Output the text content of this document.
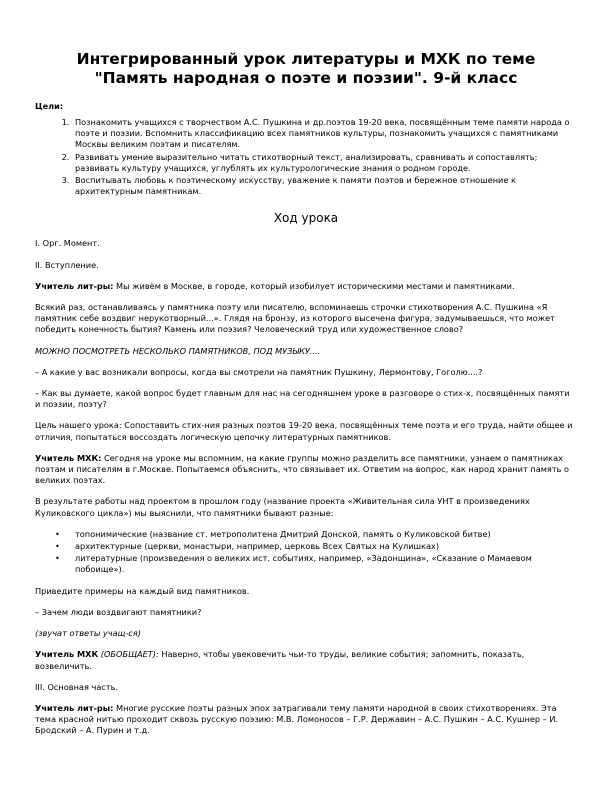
Интегрированный урок литературы и МХК по теме
"Память народная о поэте и поэзии". 9-й класс
Цели:
1. Познакомить учащихся с творчеством А.С. Пушкина и др.поэтов 19-20 века, посвящённым теме памяти народа о поэте и поэзии. Вспомнить классификацию всех памятников культуры, познакомить учащихся с памятниками Москвы великим поэтам и писателям.
2. Развивать умение выразительно читать стихотворный текст, анализировать, сравнивать и сопоставлять; развивать культуру учащихся, углублять их культурологические знания о родном городе.
3. Воспитывать любовь к поэтическому искусству, уважение к памяти поэтов и бережное отношение к архитектурным памятникам.
Ход урока

I. Орг. Момент.

II. Вступление.

Учитель лит-ры: Мы живём в Москве, в городе, который изобилует историческими местами и памятниками.

Всякий раз, останавливаясь у памятника поэту или писателю, вспоминаешь строчки стихотворения А.С. Пушкина «Я памятник себе воздвиг нерукотворный...». Глядя на бронзу, из которого высечена фигура, задумываешься, что может победить конечность бытия? Камень или поэзия? Человеческий труд или художественное слово?

МОЖНО ПОСМОТРЕТЬ НЕСКОЛЬКО ПАМЯТНИКОВ, ПОД МУЗЫКУ....

– А какие у вас возникали вопросы, когда вы смотрели на памятник Пушкину, Лермонтову, Гоголю....?

– Как вы думаете, какой вопрос будет главным для нас на сегодняшнем уроке в разговоре о стих-х, посвящённых памяти и поэзии, поэту?

Цель нашего урока: Сопоставить стих-ния разных поэтов 19-20 века, посвящённых теме поэта и его труда, найти общее и отличия, попытаться воссоздать логическую цепочку литературных памятников.

Учитель МХК: Сегодня на уроке мы вспомним, на какие группы можно разделить все памятники, узнаем о памятниках поэтам и писателям в г.Москве. Попытаемся объяснить, что связывает их. Ответим на вопрос, как народ хранит память о великих поэтах.

В результате работы над проектом в прошлом году (название проекта «Живительная сила УНТ в произведениях Куликовского цикла») мы выяснили, что памятники бывают разные:

• топонимические (название ст. метрополитена Дмитрий Донской, память о Куликовской битве)
• архитектурные (церкви, монастыри, например, церковь Всех Святых на Кулишках)
• литературные (произведения о великих ист. событиях, например, «Задонщина», «Сказание о Мамаевом побоище»).

Приведите примеры на каждый вид памятников.

– Зачем люди воздвигают памятники?

(звучат ответы учащ-ся)

Учитель МХК (ОБОБЩАЕТ): Наверно, чтобы увековечить чьи-то труды, великие события; запомнить, показать, возвеличить.

III. Основная часть.

Учитель лит-ры: Многие русские поэты разных эпох затрагивали тему памяти народной в своих стихотворениях. Эта тема красной нитью проходит сквозь русскую поэзию: М.В. Ломоносов – Г.Р. Державин – А.С. Пушкин – А.С. Кушнер – И. Бродский – А. Пурин и т.д.
